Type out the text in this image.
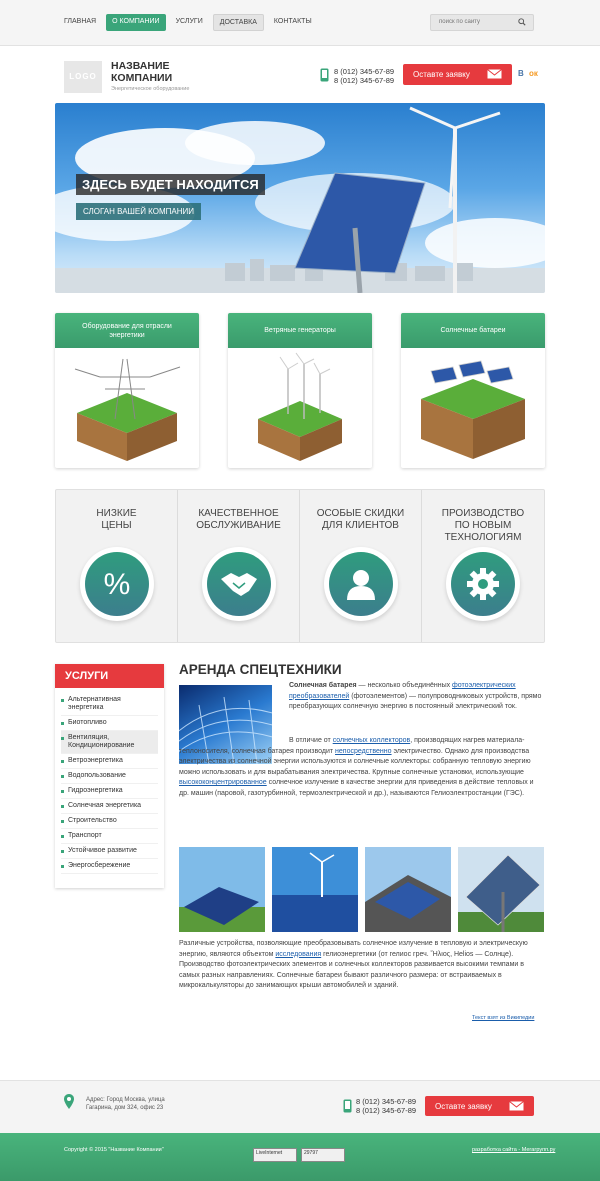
ГЛАВНАЯ	О КОМПАНИИ	УСЛУГИ	ДОСТАВКА	КОНТАКТЫ
поиск по сайту
LOGO
НАЗВАНИЕ
КОМПАНИИ
Энергетическое оборудование
8 (012) 345-67-89
8 (012) 345-67-89
Оставте заявку	В ок
ЗДЕСЬ БУДЕТ НАХОДИТСЯ
СЛОГАН ВАШЕЙ КОМПАНИИ
Оборудование для отрасли энергетики
Ветряные генераторы	Солнечные батареи
НИЗКИЕ
ЦЕНЫ
%
КАЧЕСТВЕННОЕ
ОБСЛУЖИВАНИЕ
ОСОБЫЕ СКИДКИ
ДЛЯ КЛИЕНТОВ
ПРОИЗВОДСТВО
ПО НОВЫМ
ТЕХНОЛОГИЯМ
УСЛУГИ
Альтернативная энергетика
Биотопливо
Вентиляция, Кондиционирование
Ветроэнергетика
Водопользование
Гидроэнергетика
Солнечная энергетика
Строительство
Транспорт
Устойчивое развитие
Энергосбережение
АРЕНДА СПЕЦТЕХНИКИ
Солнечная батарея — несколько объединённых фотоэлектрических преобразователей (фотоэлементов) — полупроводниковых устройств, прямо преобразующих солнечную энергию в постоянный электрический ток.
В отличие от солнечных коллекторов, производящих нагрев материала-теплоносителя, солнечная батарея производит непосредственно электричество. Однако для производства электричества из солнечной энергии используются и солнечные коллекторы: собранную тепловую энергию можно использовать и для вырабатывания электричества. Крупные солнечные установки, использующие высококонцентрированное солнечное излучение в качестве энергии для приведения в действие тепловых и др. машин (паровой, газотурбинной, термоэлектрической и др.), называются Гелиоэлектростанции (ГЭС).
Различные устройства, позволяющие преобразовывать солнечное излучение в тепловую и электрическую энергию, являются объектом исследования гелиоэнергетики (от гелиос греч. Ἥλιος, Helios — Солнце). Производство фотоэлектрических элементов и солнечных коллекторов развивается высокими темпами в самых разных направлениях. Солнечные батареи бывают различного размера: от встраиваемых в микрокалькуляторы до занимающих крыши автомобилей и зданий.
Текст взят из Википедии
Адрес: Город Москва, улица
Гагарина, дом 324, офис 23
8 (012) 345-67-89
8 (012) 345-67-89	Оставте заявку
Copyright © 2015 "Название Компании"	LiveInternet	29797	разработка сайта - Мегагрупп.ру
